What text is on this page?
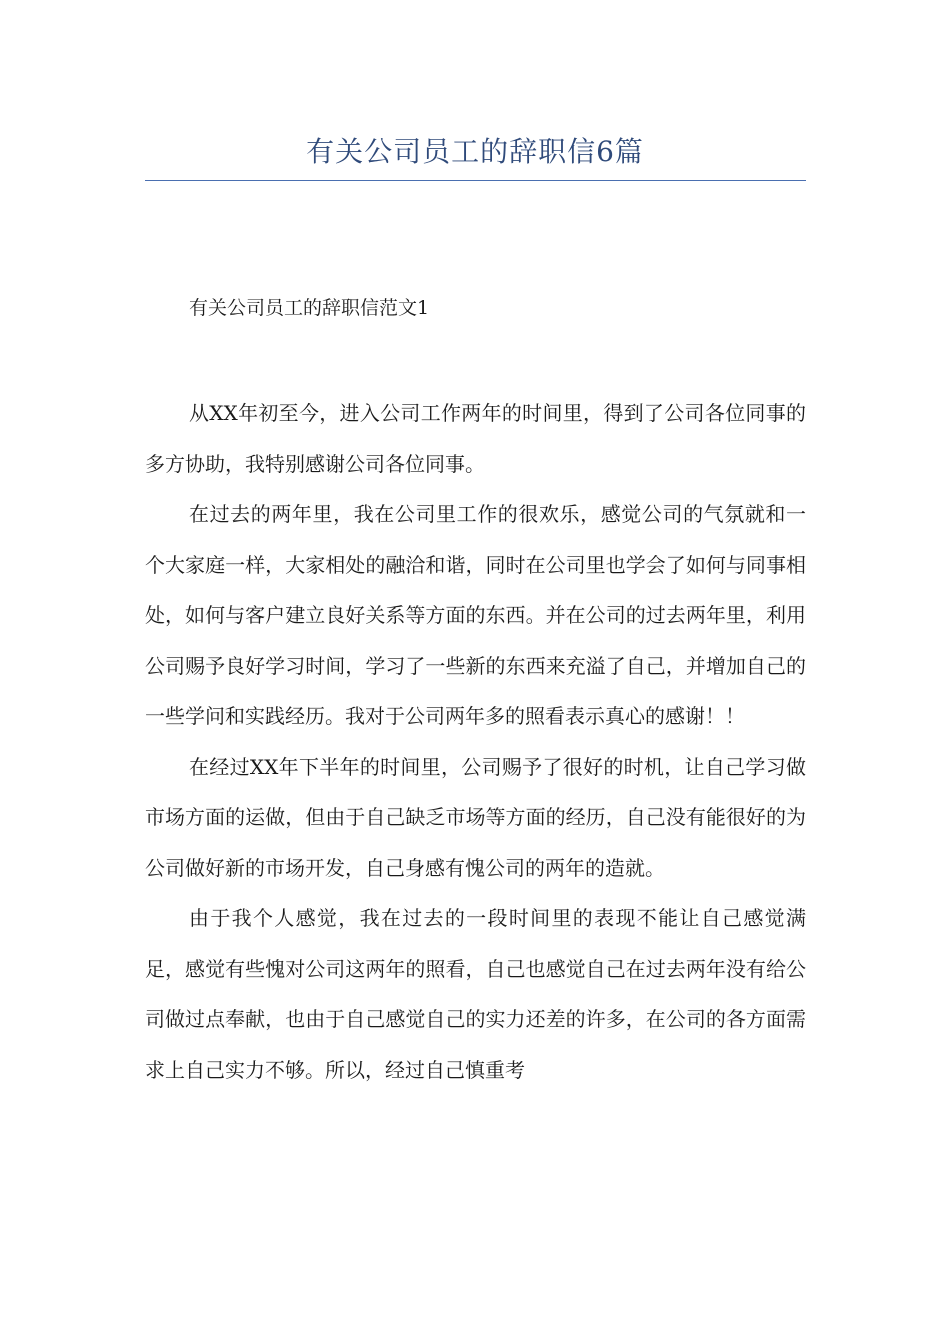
有关公司员工的辞职信6篇
有关公司员工的辞职信范文1

从XX年初至今，进入公司工作两年的时间里，得到了公司各位同事的多方协助，我特别感谢公司各位同事。

在过去的两年里，我在公司里工作的很欢乐，感觉公司的气氛就和一个大家庭一样，大家相处的融洽和谐，同时在公司里也学会了如何与同事相处，如何与客户建立良好关系等方面的东西。并在公司的过去两年里，利用公司赐予良好学习时间，学习了一些新的东西来充溢了自己，并增加自己的一些学问和实践经历。我对于公司两年多的照看表示真心的感谢！！

在经过XX年下半年的时间里，公司赐予了很好的时机，让自己学习做市场方面的运做，但由于自己缺乏市场等方面的经历，自己没有能很好的为公司做好新的市场开发，自己身感有愧公司的两年的造就。

由于我个人感觉，我在过去的一段时间里的表现不能让自己感觉满足，感觉有些愧对公司这两年的照看，自己也感觉自己在过去两年没有给公司做过点奉献，也由于自己感觉自己的实力还差的许多，在公司的各方面需求上自己实力不够。所以，经过自己慎重考
